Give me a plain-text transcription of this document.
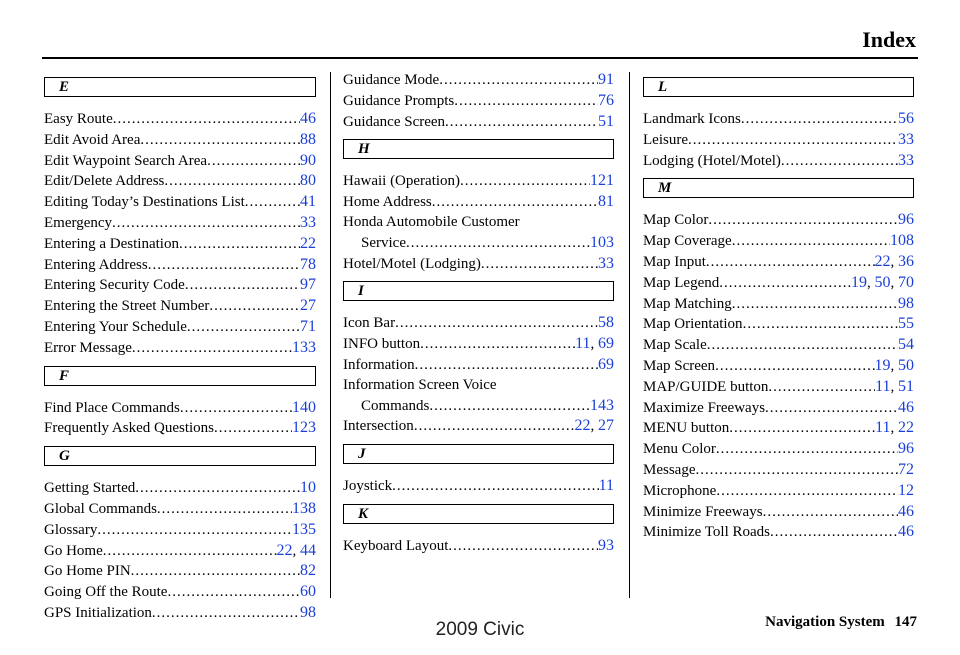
Index
E
Easy Route .....	46
Edit Avoid Area .....	88
Edit Waypoint Search Area .....	90
Edit/Delete Address .....	80
Editing Today’s Destinations List .....	41
Emergency .....	33
Entering a Destination .....	22
Entering Address .....	78
Entering Security Code .....	97
Entering the Street Number .....	27
Entering Your Schedule .....	71
Error Message .....	133
F
Find Place Commands .....	140
Frequently Asked Questions .....	123
G
Getting Started .....	10
Global Commands .....	138
Glossary .....	135
Go Home .....	22, 44
Go Home PIN .....	82
Going Off the Route .....	60
GPS Initialization .....	98
Guidance Mode .....	91
Guidance Prompts .....	76
Guidance Screen .....	51
H
Hawaii (Operation) .....	121
Home Address .....	81
Honda Automobile Customer
Service .....	103
Hotel/Motel (Lodging) .....	33
I
Icon Bar .....	58
INFO button .....	11, 69
Information .....	69
Information Screen Voice
Commands .....	143
Intersection .....	22, 27
J
Joystick .....	11
K
Keyboard Layout .....	93
L
Landmark Icons .....	56
Leisure .....	33
Lodging (Hotel/Motel) .....	33
M
Map Color .....	96
Map Coverage .....	108
Map Input .....	22, 36
Map Legend .....	19, 50, 70
Map Matching .....	98
Map Orientation .....	55
Map Scale .....	54
Map Screen .....	19, 50
MAP/GUIDE button .....	11, 51
Maximize Freeways .....	46
MENU button .....	11, 22
Menu Color .....	96
Message .....	72
Microphone .....	12
Minimize Freeways .....	46
Minimize Toll Roads .....	46
Navigation System 147
2009 Civic
